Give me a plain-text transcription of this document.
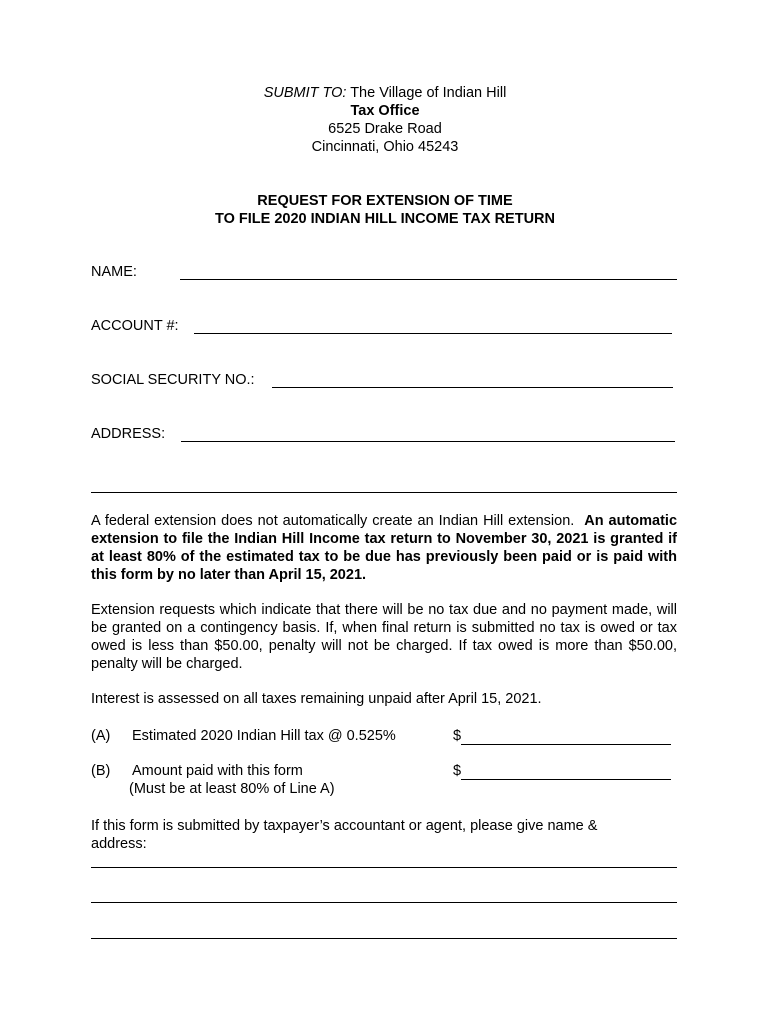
SUBMIT TO: The Village of Indian Hill
Tax Office
6525 Drake Road
Cincinnati, Ohio 45243
REQUEST FOR EXTENSION OF TIME
TO FILE 2020 INDIAN HILL INCOME TAX RETURN
NAME:
ACCOUNT #:
SOCIAL SECURITY NO.:
ADDRESS:
A federal extension does not automatically create an Indian Hill extension. An automatic extension to file the Indian Hill Income tax return to November 30, 2021 is granted if at least 80% of the estimated tax to be due has previously been paid or is paid with this form by no later than April 15, 2021.
Extension requests which indicate that there will be no tax due and no payment made, will be granted on a contingency basis. If, when final return is submitted no tax is owed or tax owed is less than $50.00, penalty will not be charged. If tax owed is more than $50.00, penalty will be charged.
Interest is assessed on all taxes remaining unpaid after April 15, 2021.
(A) Estimated 2020 Indian Hill tax @ 0.525%	$
(B) Amount paid with this form	$
(Must be at least 80% of Line A)
If this form is submitted by taxpayer’s accountant or agent, please give name & address:
